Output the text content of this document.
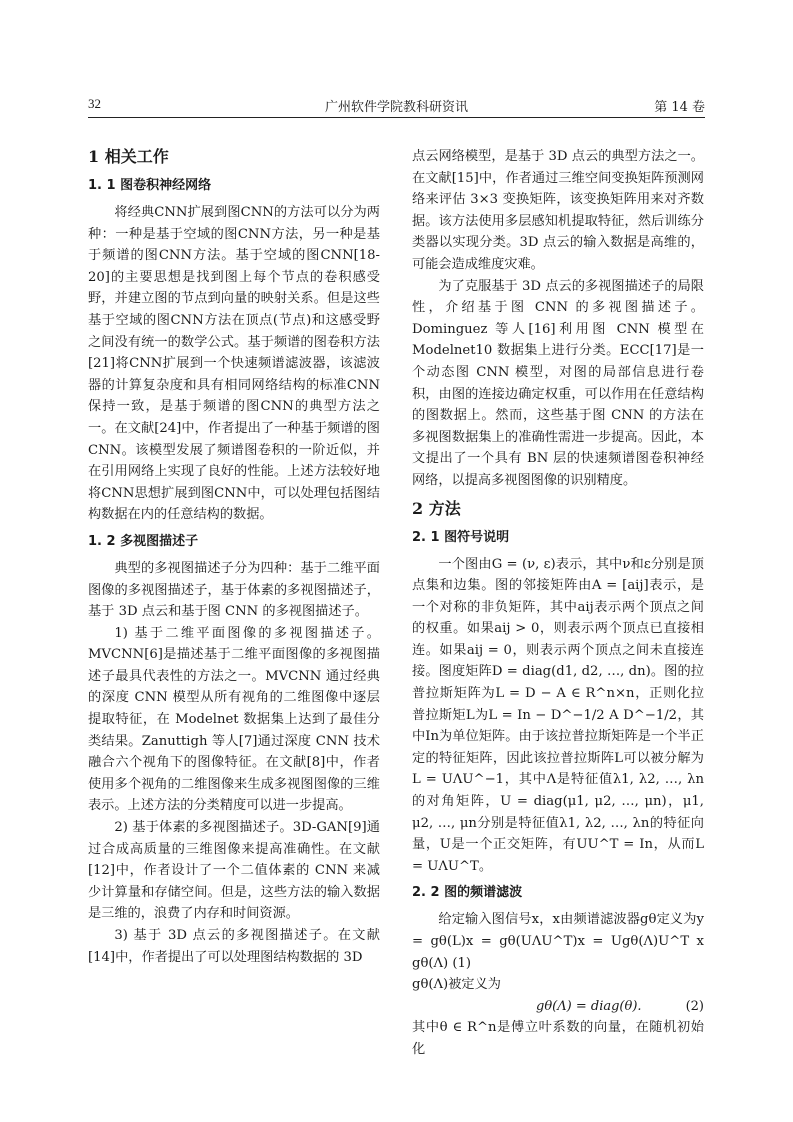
32	广州软件学院教科研资讯	第 14 卷
1 相关工作
1. 1 图卷积神经网络

将经典CNN扩展到图CNN的方法可以分为两种：一种是基于空域的图CNN方法，另一种是基于频谱的图CNN方法。基于空域的图CNN[18-20]的主要思想是找到图上每个节点的卷积感受野，并建立图的节点到向量的映射关系。但是这些基于空域的图CNN方法在顶点(节点)和这感受野之间没有统一的数学公式。基于频谱的图卷积方法[21]将CNN扩展到一个快速频谱滤波器，该滤波器的计算复杂度和具有相同网络结构的标准CNN保持一致，是基于频谱的图CNN的典型方法之一。在文献[24]中，作者提出了一种基于频谱的图CNN。该模型发展了频谱图卷积的一阶近似，并在引用网络上实现了良好的性能。上述方法较好地将CNN思想扩展到图CNN中，可以处理包括图结构数据在内的任意结构的数据。

1. 2 多视图描述子

典型的多视图描述子分为四种：基于二维平面图像的多视图描述子，基于体素的多视图描述子，基于 3D 点云和基于图 CNN 的多视图描述子。

1) 基于二维平面图像的多视图描述子。MVCNN[6]是描述基于二维平面图像的多视图描述子最具代表性的方法之一。MVCNN 通过经典的深度 CNN 模型从所有视角的二维图像中逐层提取特征，在 Modelnet 数据集上达到了最佳分类结果。Zanuttigh 等人[7]通过深度 CNN 技术融合六个视角下的图像特征。在文献[8]中，作者使用多个视角的二维图像来生成多视图图像的三维表示。上述方法的分类精度可以进一步提高。

2) 基于体素的多视图描述子。3D-GAN[9]通过合成高质量的三维图像来提高准确性。在文献[12]中，作者设计了一个二值体素的 CNN 来减少计算量和存储空间。但是，这些方法的输入数据是三维的，浪费了内存和时间资源。

3) 基于 3D 点云的多视图描述子。在文献[14]中，作者提出了可以处理图结构数据的 3D

点云网络模型，是基于 3D 点云的典型方法之一。在文献[15]中，作者通过三维空间变换矩阵预测网络来评估 3×3 变换矩阵，该变换矩阵用来对齐数据。该方法使用多层感知机提取特征，然后训练分类器以实现分类。3D 点云的输入数据是高维的，可能会造成维度灾难。

为了克服基于 3D 点云的多视图描述子的局限性，介绍基于图 CNN 的多视图描述子。Dominguez 等人[16]利用图 CNN 模型在 Modelnet10 数据集上进行分类。ECC[17]是一个动态图 CNN 模型，对图的局部信息进行卷积，由图的连接边确定权重，可以作用在任意结构的图数据上。然而，这些基于图 CNN 的方法在多视图数据集上的准确性需进一步提高。因此，本文提出了一个具有 BN 层的快速频谱图卷积神经网络，以提高多视图图像的识别精度。

2 方法
2. 1 图符号说明

一个图由G = (ν, ε)表示，其中ν和ε分别是顶点集和边集。图的邻接矩阵由A = [aij]表示，是一个对称的非负矩阵，其中aij表示两个顶点之间的权重。如果aij > 0，则表示两个顶点已直接相连。如果aij = 0，则表示两个顶点之间未直接连接。图度矩阵D = diag(d1, d2, …, dn)。图的拉普拉斯矩阵为L = D − A ∈ R^n×n，正则化拉普拉斯矩L为L = In − D^−1/2 A D^−1/2，其中In为单位矩阵。由于该拉普拉斯矩阵是一个半正定的特征矩阵，因此该拉普拉斯阵L可以被分解为L = UΛU^−1，其中Λ是特征值λ1, λ2, …, λn的对角矩阵，U = diag(μ1, μ2, …, μn)，μ1, μ2, …, μn分别是特征值λ1, λ2, …, λn的特征向量，U是一个正交矩阵，有UU^T = In，从而L = UΛU^T。

2. 2 图的频谱滤波

给定输入图信号x，x由频谱滤波器gθ定义为y = gθ(L)x = gθ(UΛU^T)x = Ugθ(Λ)U^T x gθ(Λ) (1)

gθ(Λ)被定义为

gθ(Λ) = diag(θ).	(2)

其中θ ∈ R^n是傅立叶系数的向量，在随机初始化
